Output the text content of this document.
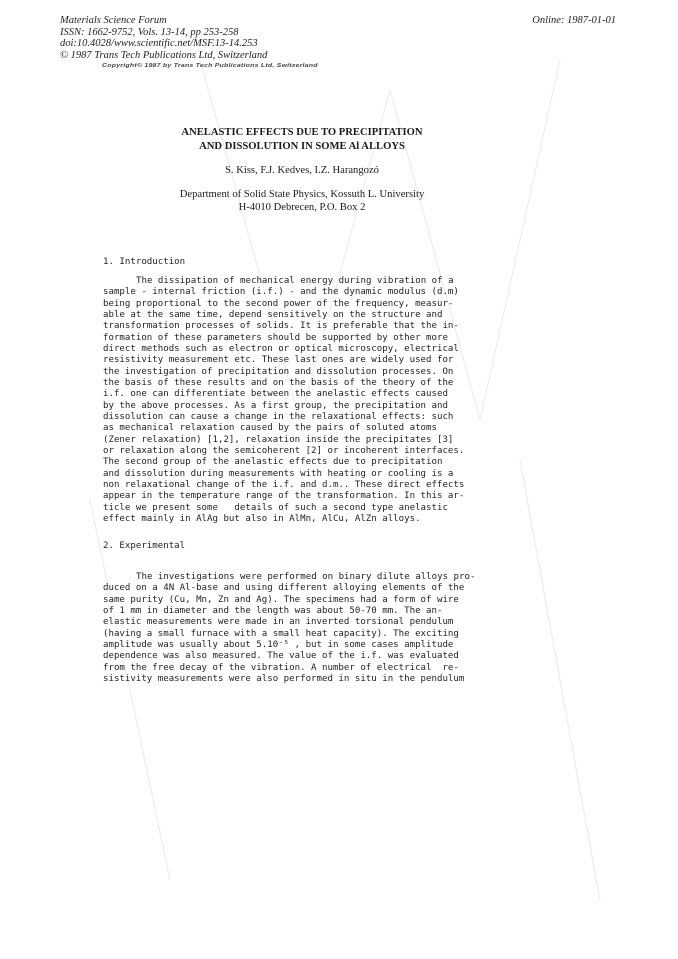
Materials Science Forum
ISSN: 1662-9752, Vols. 13-14, pp 253-258
doi:10.4028/www.scientific.net/MSF.13-14.253
© 1987 Trans Tech Publications Ltd, Switzerland
Online: 1987-01-01
Copyright© 1987 by Trans Tech Publications Ltd, Switzerland
ANELASTIC EFFECTS DUE TO PRECIPITATION
AND DISSOLUTION IN SOME Al ALLOYS
S. Kiss, F.J. Kedves, I.Z. Harangozó
Department of Solid State Physics, Kossuth L. University
H-4010 Debrecen, P.O. Box 2
1. Introduction
The dissipation of mechanical energy during vibration of a
sample - internal friction (i.f.) - and the dynamic modulus (d.m)
being proportional to the second power of the frequency, measur-
able at the same time, depend sensitively on the structure and
transformation processes of solids. It is preferable that the in-
formation of these parameters should be supported by other more
direct methods such as electron or optical microscopy, electrical
resistivity measurement etc. These last ones are widely used for
the investigation of precipitation and dissolution processes. On
the basis of these results and on the basis of the theory of the
i.f. one can differentiate between the anelastic effects caused
by the above processes. As a first group, the precipitation and
dissolution can cause a change in the relaxational effects: such
as mechanical relaxation caused by the pairs of soluted atoms
(Zener relaxation) [1,2], relaxation inside the precipitates [3]
or relaxation along the semicoherent [2] or incoherent interfaces.
The second group of the anelastic effects due to precipitation
and dissolution during measurements with heating or cooling is a
non relaxational change of the i.f. and d.m.. These direct effects
appear in the temperature range of the transformation. In this ar-
ticle we present some   details of such a second type anelastic
effect mainly in AlAg but also in AlMn, AlCu, AlZn alloys.
2. Experimental
The investigations were performed on binary dilute alloys pro-
duced on a 4N Al-base and using different alloying elements of the
same purity (Cu, Mn, Zn and Ag). The specimens had a form of wire
of 1 mm in diameter and the length was about 50-70 mm. The an-
elastic measurements were made in an inverted torsional pendulum
(having a small furnace with a small heat capacity). The exciting
amplitude was usually about 5.10⁻⁵ , but in some cases amplitude
dependence was also measured. The value of the i.f. was evaluated
from the free decay of the vibration. A number of electrical  re-
sistivity measurements were also performed in situ in the pendulum
